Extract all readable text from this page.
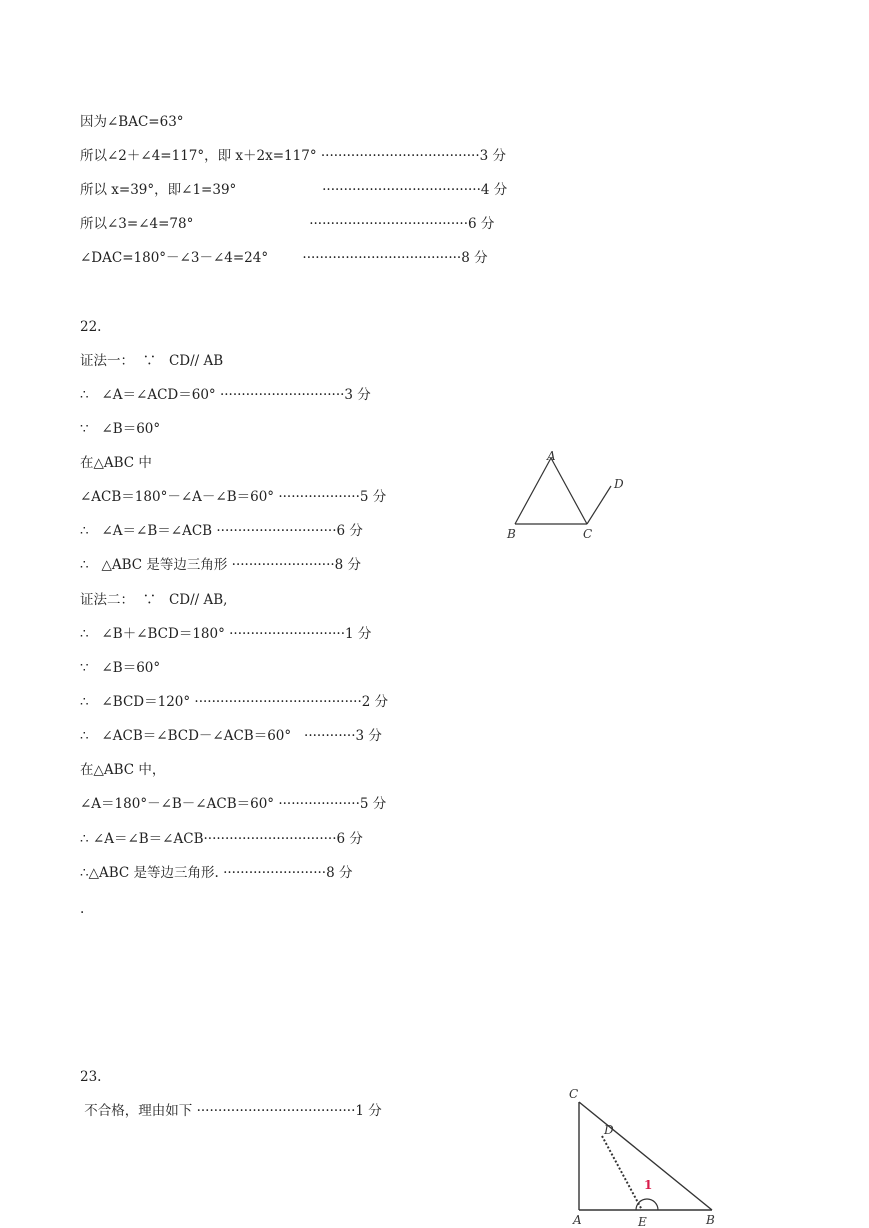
因为∠BAC=63°
所以∠2＋∠4=117°，即 x＋2x=117° ·····································3 分
所以 x=39°，即∠1=39°                    ·····································4 分
所以∠3=∠4=78°                           ·····································6 分
∠DAC=180°－∠3－∠4=24°        ·····································8 分
22.
证法一：  ∵   CD// AB
∴   ∠A＝∠ACD＝60° ·····························3 分
∵   ∠B＝60°
在△ABC 中
∠ACB＝180°－∠A－∠B＝60° ···················5 分
∴   ∠A＝∠B＝∠ACB ····························6 分
∴   △ABC 是等边三角形 ························8 分
证法二：  ∵   CD// AB,
∴   ∠B＋∠BCD＝180° ···························1 分
∵   ∠B＝60°
∴   ∠BCD＝120° ·······································2 分
∴   ∠ACB＝∠BCD－∠ACB＝60°   ············3 分
在△ABC 中，
∠A＝180°－∠B－∠ACB＝60° ···················5 分
∴ ∠A＝∠B＝∠ACB·······························6 分
∴△ABC 是等边三角形. ························8 分
.
A
B	C
D
23.
不合格，理由如下 ·····································1 分
C
D
1
A	E	B
